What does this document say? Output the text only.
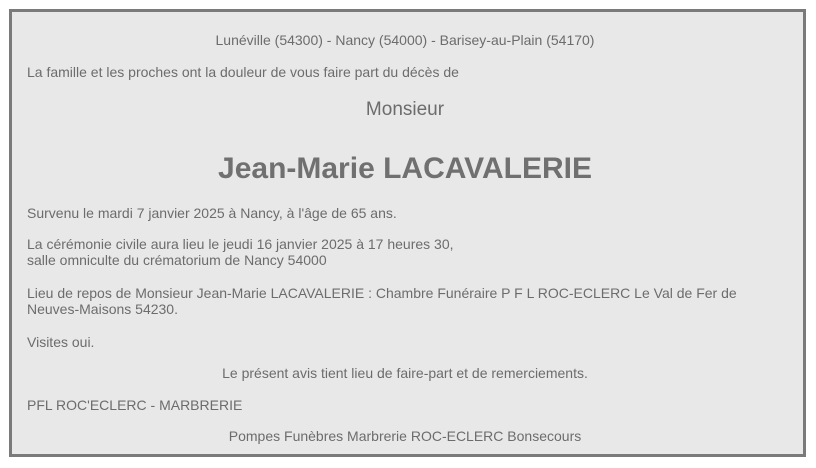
Lunéville (54300) - Nancy (54000) - Barisey-au-Plain (54170)

La famille et les proches ont la douleur de vous faire part du décès de

Monsieur

Jean-Marie LACAVALERIE

Survenu le mardi 7 janvier 2025 à Nancy, à l'âge de 65 ans.

La cérémonie civile aura lieu le jeudi 16 janvier 2025 à 17 heures 30,
salle omniculte du crématorium de Nancy 54000

Lieu de repos de Monsieur Jean-Marie LACAVALERIE : Chambre Funéraire P F L ROC-ECLERC Le Val de Fer de Neuves-Maisons 54230.

Visites oui.

Le présent avis tient lieu de faire-part et de remerciements.

PFL ROC'ECLERC - MARBRERIE

Pompes Funèbres Marbrerie ROC-ECLERC Bonsecours
